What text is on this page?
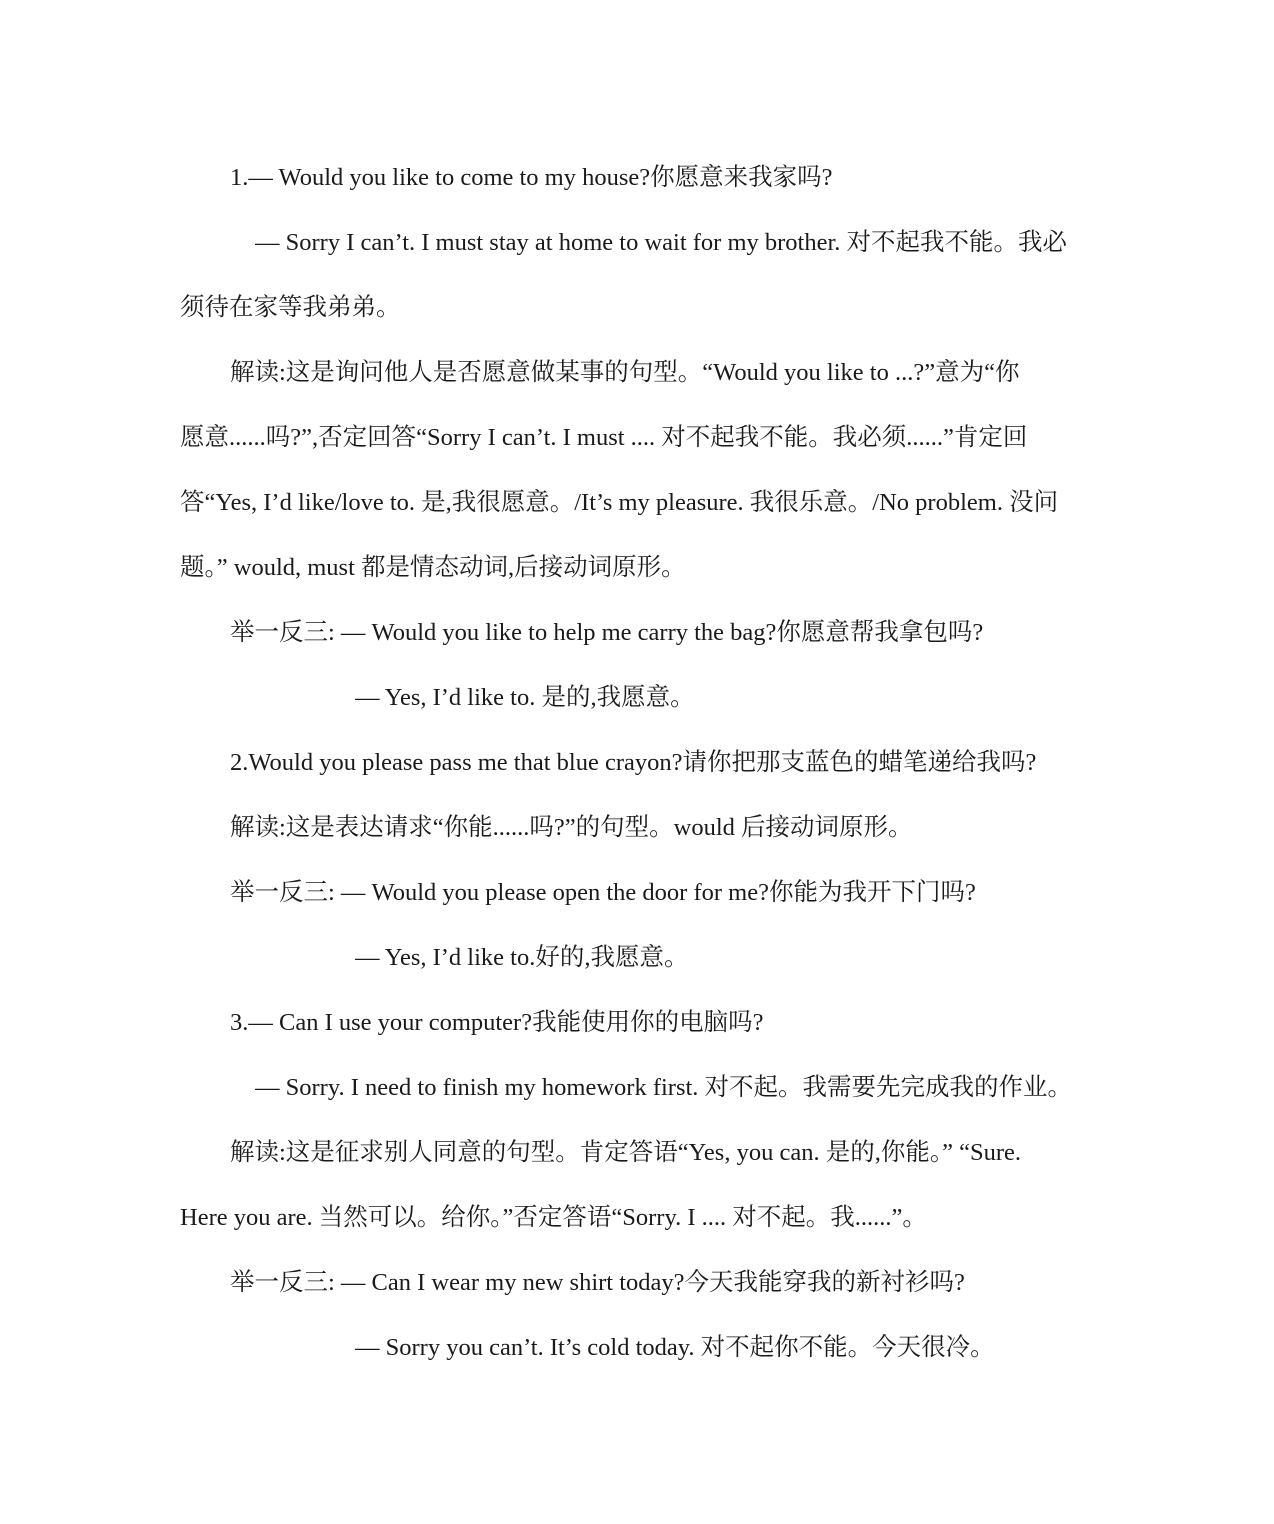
1.— Would you like to come to my house?你愿意来我家吗?
— Sorry I can’t. I must stay at home to wait for my brother. 对不起我不能。我必
须待在家等我弟弟。
解读:这是询问他人是否愿意做某事的句型。“Would you like to ...?”意为“你
愿意......吗?”,否定回答“Sorry I can’t. I must .... 对不起我不能。我必须......”肯定回
答“Yes, I’d like/love to. 是,我很愿意。/It’s my pleasure. 我很乐意。/No problem. 没问
题。” would, must 都是情态动词,后接动词原形。
举一反三: — Would you like to help me carry the bag?你愿意帮我拿包吗?
— Yes, I’d like to. 是的,我愿意。
2.Would you please pass me that blue crayon?请你把那支蓝色的蜡笔递给我吗?
解读:这是表达请求“你能......吗?”的句型。would 后接动词原形。
举一反三: — Would you please open the door for me?你能为我开下门吗?
— Yes, I’d like to.好的,我愿意。
3.— Can I use your computer?我能使用你的电脑吗?
— Sorry. I need to finish my homework first. 对不起。我需要先完成我的作业。
解读:这是征求别人同意的句型。肯定答语“Yes, you can. 是的,你能。” “Sure.
Here you are. 当然可以。给你。”否定答语“Sorry. I .... 对不起。我......”。
举一反三: — Can I wear my new shirt today?今天我能穿我的新衬衫吗?
— Sorry you can’t. It’s cold today. 对不起你不能。今天很冷。
